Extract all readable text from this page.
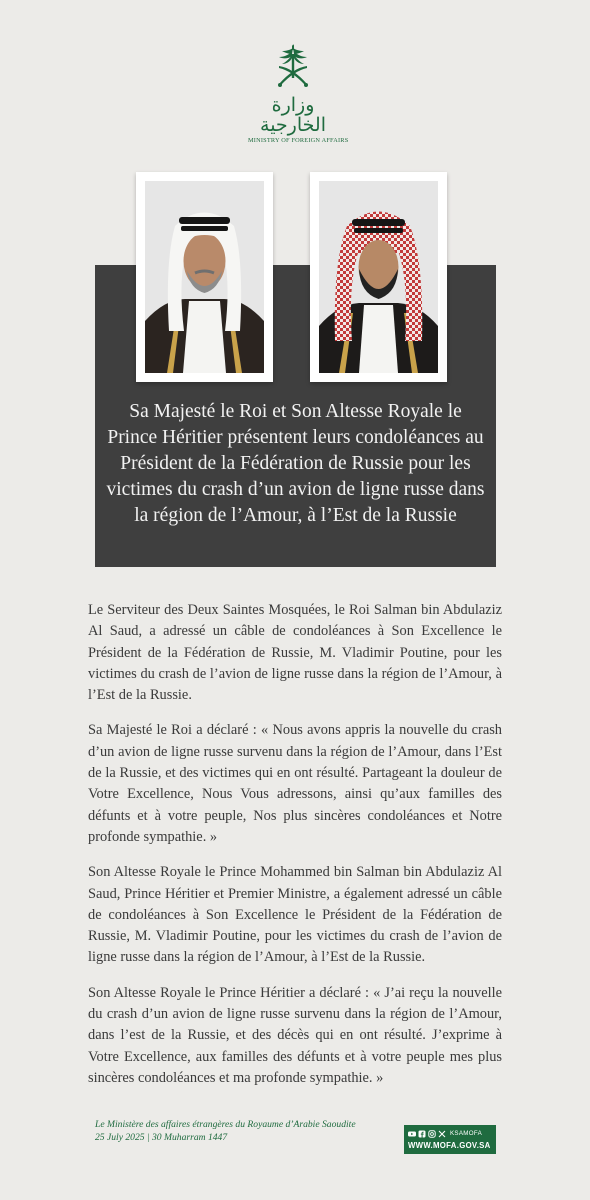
وزارة الخارجية
MINISTRY OF FOREIGN AFFAIRS
Sa Majesté le Roi et Son Altesse Royale le Prince Héritier présentent leurs condoléances au Président de la Fédération de Russie pour les victimes du crash d’un avion de ligne russe dans la région de l’Amour, à l’Est de la Russie

Le Serviteur des Deux Saintes Mosquées, le Roi Salman bin Abdulaziz Al Saud, a adressé un câble de condoléances à Son Excellence le Président de la Fédération de Russie, M. Vladimir Poutine, pour les victimes du crash de l’avion de ligne russe dans la région de l’Amour, à l’Est de la Russie.

Sa Majesté le Roi a déclaré : « Nous avons appris la nouvelle du crash d’un avion de ligne russe survenu dans la région de l’Amour, dans l’Est de la Russie, et des victimes qui en ont résulté. Partageant la douleur de Votre Excellence, Nous Vous adressons, ainsi qu’aux familles des défunts et à votre peuple, Nos plus sincères condoléances et Notre profonde sympathie. »

Son Altesse Royale le Prince Mohammed bin Salman bin Abdulaziz Al Saud, Prince Héritier et Premier Ministre, a également adressé un câble de condoléances à Son Excellence le Président de la Fédération de Russie, M. Vladimir Poutine, pour les victimes du crash de l’avion de ligne russe dans la région de l’Amour, à l’Est de la Russie.

Son Altesse Royale le Prince Héritier a déclaré : « J’ai reçu la nouvelle du crash d’un avion de ligne russe survenu dans la région de l’Amour, dans l’est de la Russie, et des décès qui en ont résulté. J’exprime à Votre Excellence, aux familles des défunts et à votre peuple mes plus sincères condoléances et ma profonde sympathie. »

Le Ministère des affaires étrangères du Royaume d’Arabie Saoudite
25 July 2025 | 30 Muharram 1447	KSAMOFA
WWW.MOFA.GOV.SA
